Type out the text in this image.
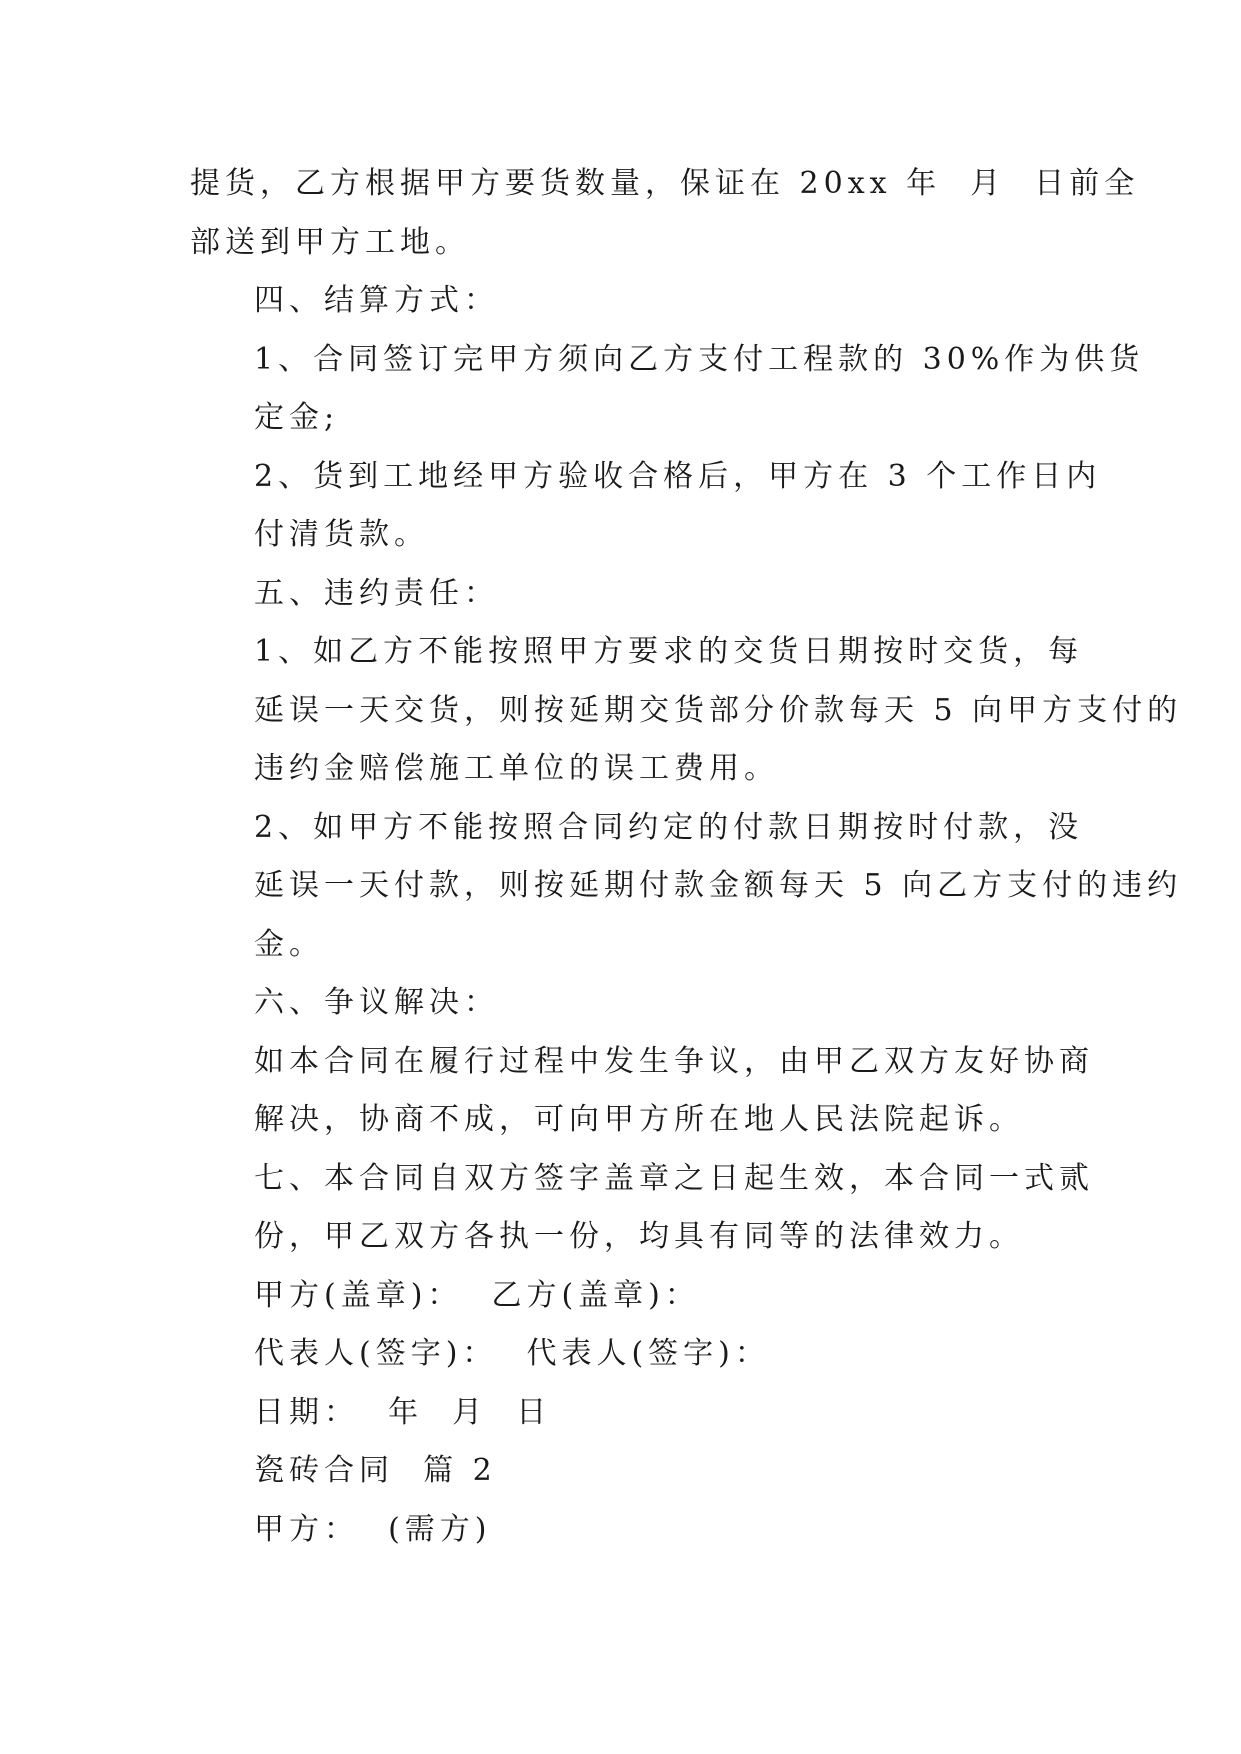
提货，乙方根据甲方要货数量，保证在 20xx 年  月  日前全
部送到甲方工地。

四、结算方式：

1、合同签订完甲方须向乙方支付工程款的 30%作为供货
定金;

2、货到工地经甲方验收合格后，甲方在 3 个工作日内
付清货款。

五、违约责任：

1、如乙方不能按照甲方要求的交货日期按时交货，每
延误一天交货，则按延期交货部分价款每天 5 向甲方支付的
违约金赔偿施工单位的误工费用。

2、如甲方不能按照合同约定的付款日期按时付款，没
延误一天付款，则按延期付款金额每天 5 向乙方支付的违约
金。

六、争议解决：

如本合同在履行过程中发生争议，由甲乙双方友好协商
解决，协商不成，可向甲方所在地人民法院起诉。

七、本合同自双方签字盖章之日起生效，本合同一式贰
份，甲乙双方各执一份，均具有同等的法律效力。

甲方(盖章)：  乙方(盖章)：

代表人(签字)：  代表人(签字)：

日期：  年  月  日

瓷砖合同  篇 2

甲方：  (需方)
